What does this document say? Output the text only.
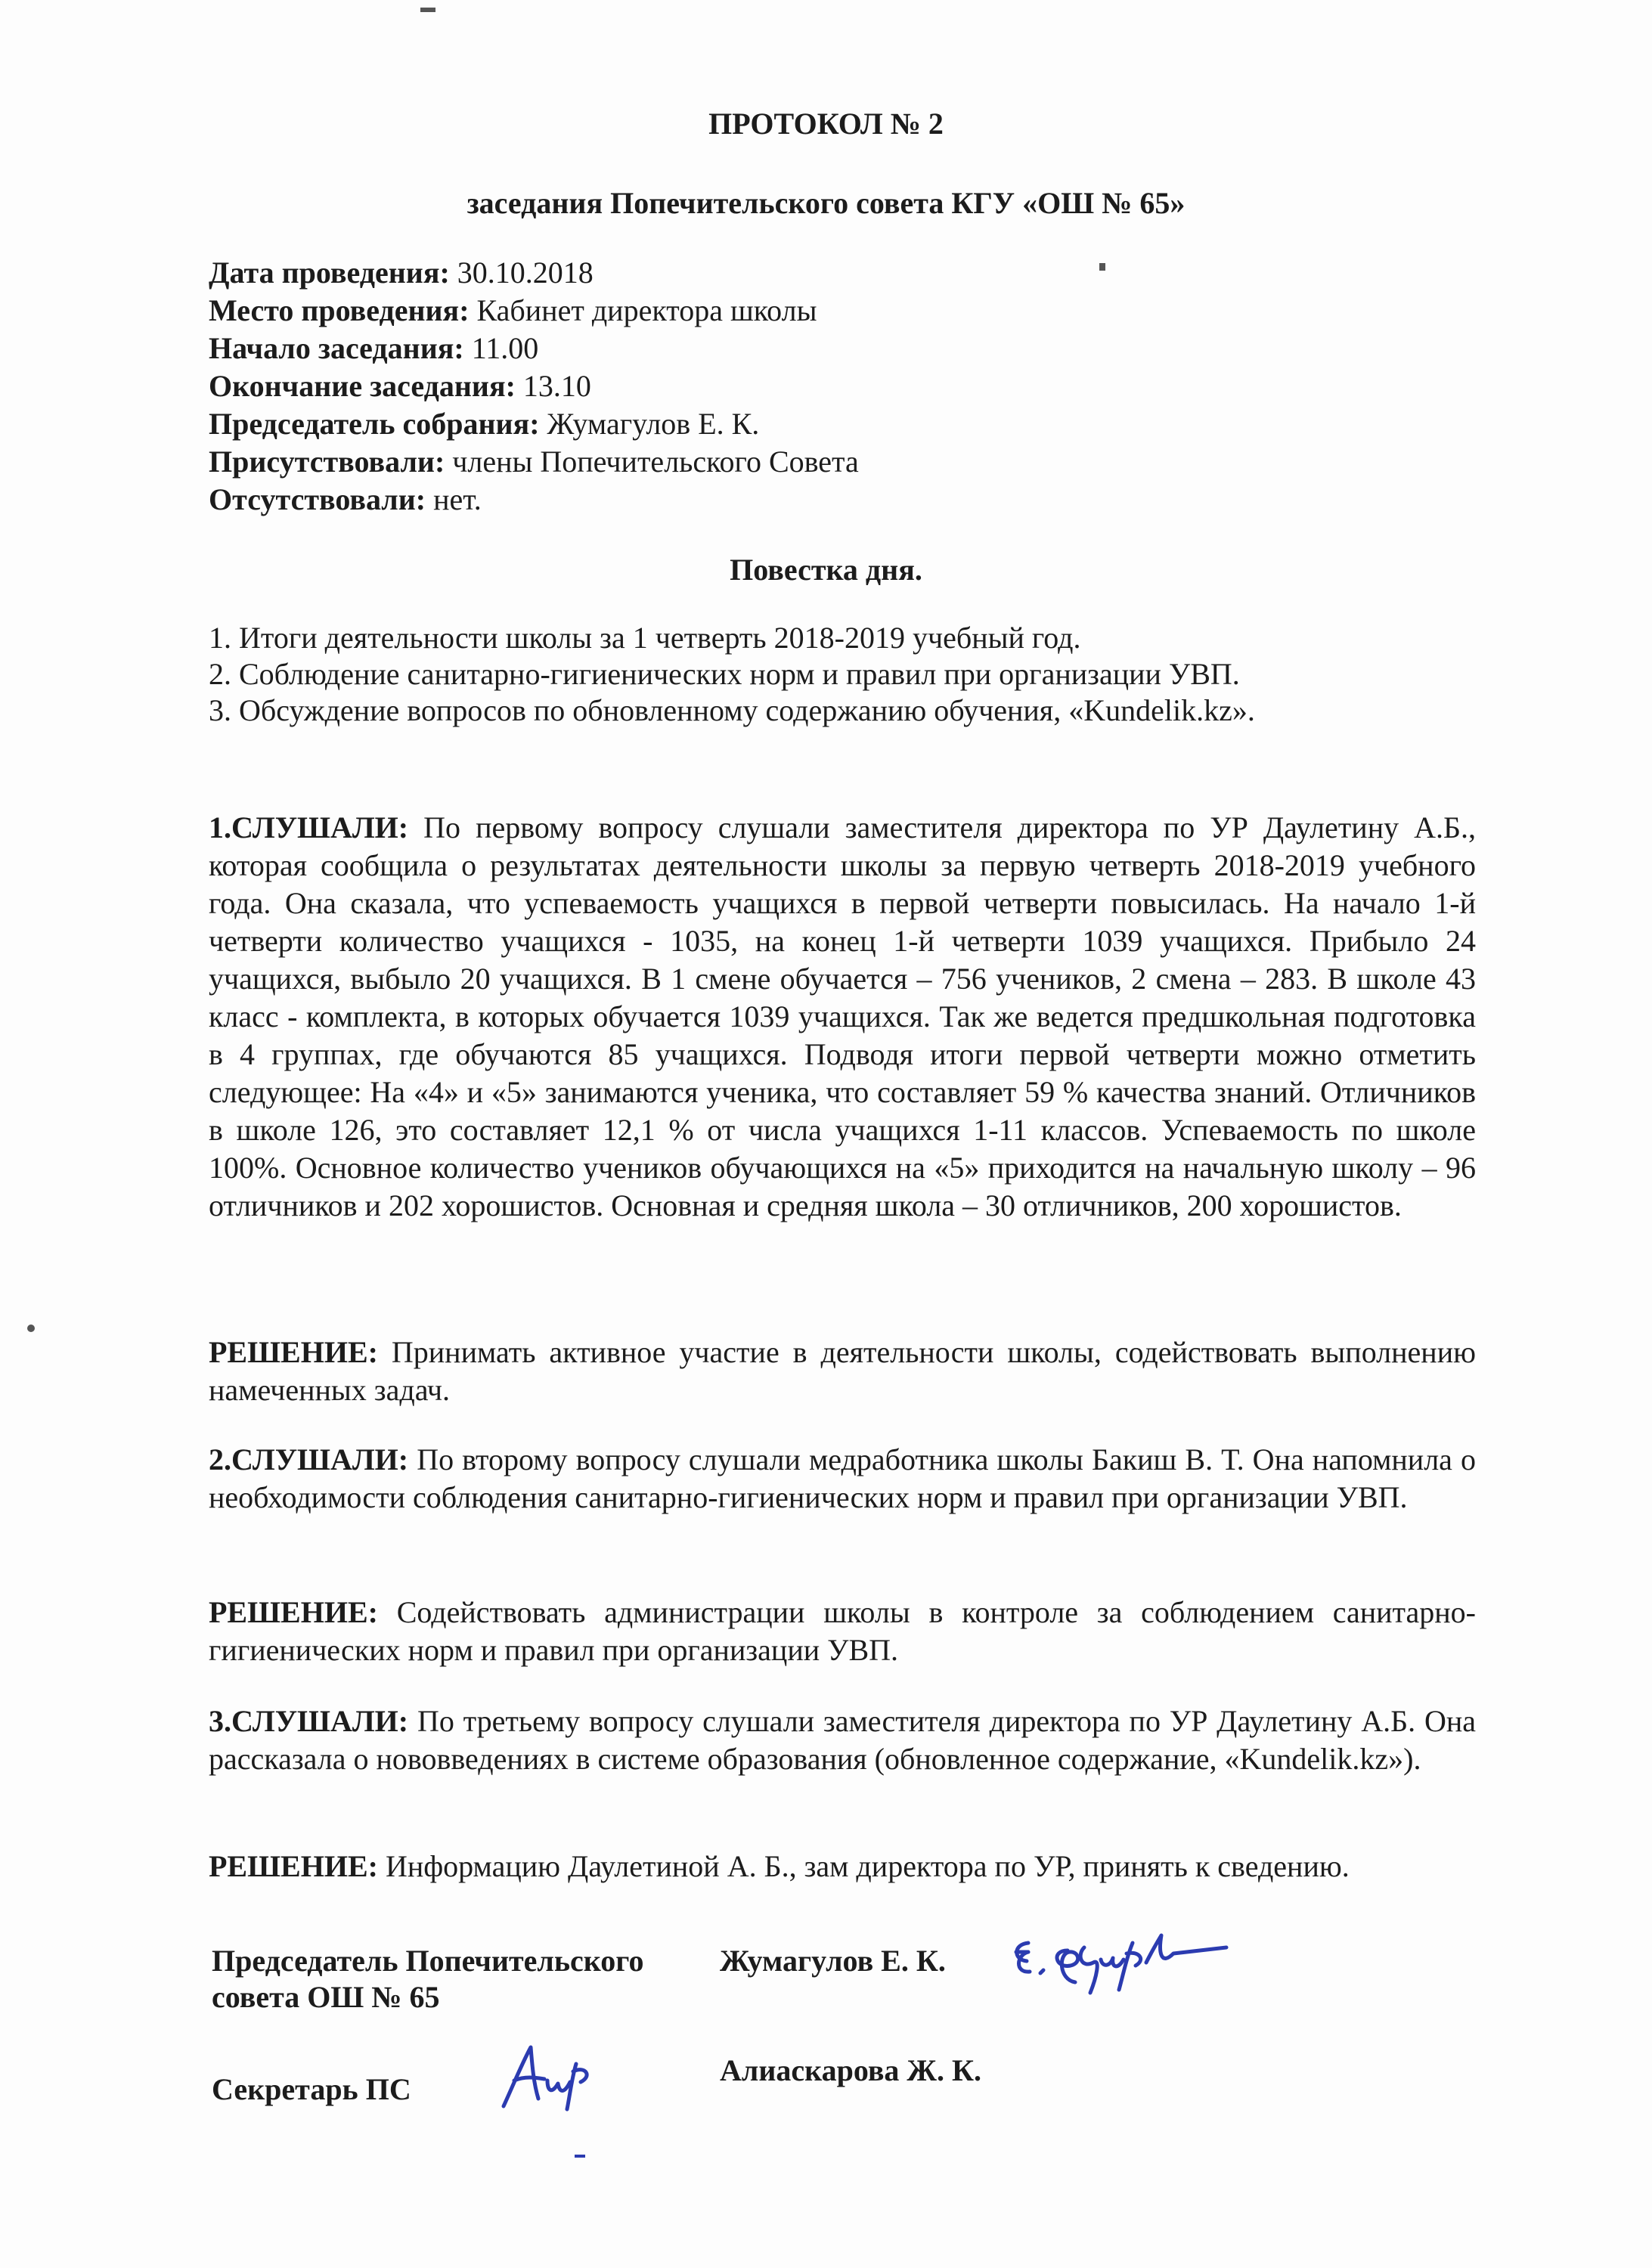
ПРОТОКОЛ № 2
заседания Попечительского совета КГУ «ОШ № 65»
Дата проведения: 30.10.2018
Место проведения: Кабинет директора школы
Начало заседания: 11.00
Окончание заседания: 13.10
Председатель собрания: Жумагулов Е. К.
Присутствовали: члены Попечительского Совета
Отсутствовали: нет.
Повестка дня.
1. Итоги деятельности школы за 1 четверть 2018-2019 учебный год.
2. Соблюдение санитарно-гигиенических норм и правил при организации УВП.
3. Обсуждение вопросов по обновленному содержанию обучения, «Kundelik.kz».
1.СЛУШАЛИ: По первому вопросу слушали заместителя директора по УР Даулетину А.Б., которая сообщила о результатах деятельности школы за первую четверть 2018-2019 учебного года. Она сказала, что успеваемость учащихся в первой четверти повысилась. На начало 1-й четверти количество учащихся - 1035, на конец 1-й четверти 1039 учащихся. Прибыло 24 учащихся, выбыло 20 учащихся. В 1 смене обучается – 756 учеников, 2 смена – 283. В школе 43 класс - комплекта, в которых обучается 1039 учащихся. Так же ведется предшкольная подготовка в 4 группах, где обучаются 85 учащихся. Подводя итоги первой четверти можно отметить следующее: На «4» и «5» занимаются ученика, что составляет 59 % качества знаний. Отличников в школе 126, это составляет 12,1 % от числа учащихся 1-11 классов. Успеваемость по школе 100%. Основное количество учеников обучающихся на «5» приходится на начальную школу – 96 отличников и 202 хорошистов. Основная и средняя школа – 30 отличников, 200 хорошистов.
РЕШЕНИЕ: Принимать активное участие в деятельности школы, содействовать выполнению намеченных задач.
2.СЛУШАЛИ: По второму вопросу слушали медработника школы Бакиш В. Т. Она напомнила о необходимости соблюдения санитарно-гигиенических норм и правил при организации УВП.
РЕШЕНИЕ: Содействовать администрации школы в контроле за соблюдением санитарно-гигиенических норм и правил при организации УВП.
3.СЛУШАЛИ: По третьему вопросу слушали заместителя директора по УР Даулетину А.Б. Она рассказала о нововведениях в системе образования (обновленное содержание, «Kundelik.kz»).
РЕШЕНИЕ: Информацию Даулетиной А. Б., зам директора по УР, принять к сведению.
Председатель Попечительского
совета ОШ № 65
Жумагулов Е. К.
Секретарь ПС
Алиаскарова Ж. К.
